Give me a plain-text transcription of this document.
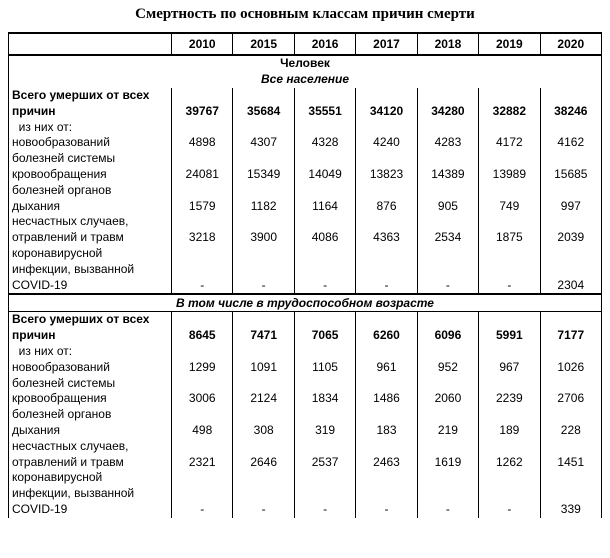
Смертность по основным классам причин смерти
	2010	2015	2016	2017	2018	2019	2020

Человек
Все население							

Всего умерших от всех
причин	39767	35684	35551	34120	34280	32882	38246
из них от:							
новообразований	4898	4307	4328	4240	4283	4172	4162
болезней системы
кровообращения	24081	15349	14049	13823	14389	13989	15685
болезней органов
дыхания	1579	1182	1164	876	905	749	997
несчастных случаев,
отравлений и травм	3218	3900	4086	4363	2534	1875	2039
коронавирусной
инфекции, вызванной
COVID-19	-	-	-	-	-	-	2304
В том числе в трудоспособном возрасте							
Всего умерших от всех
причин	8645	7471	7065	6260	6096	5991	7177
из них от:							
новообразований	1299	1091	1105	961	952	967	1026
болезней системы
кровообращения	3006	2124	1834	1486	2060	2239	2706
болезней органов
дыхания	498	308	319	183	219	189	228
несчастных случаев,
отравлений и травм	2321	2646	2537	2463	1619	1262	1451
коронавирусной
инфекции, вызванной
COVID-19	-	-	-	-	-	-	339
